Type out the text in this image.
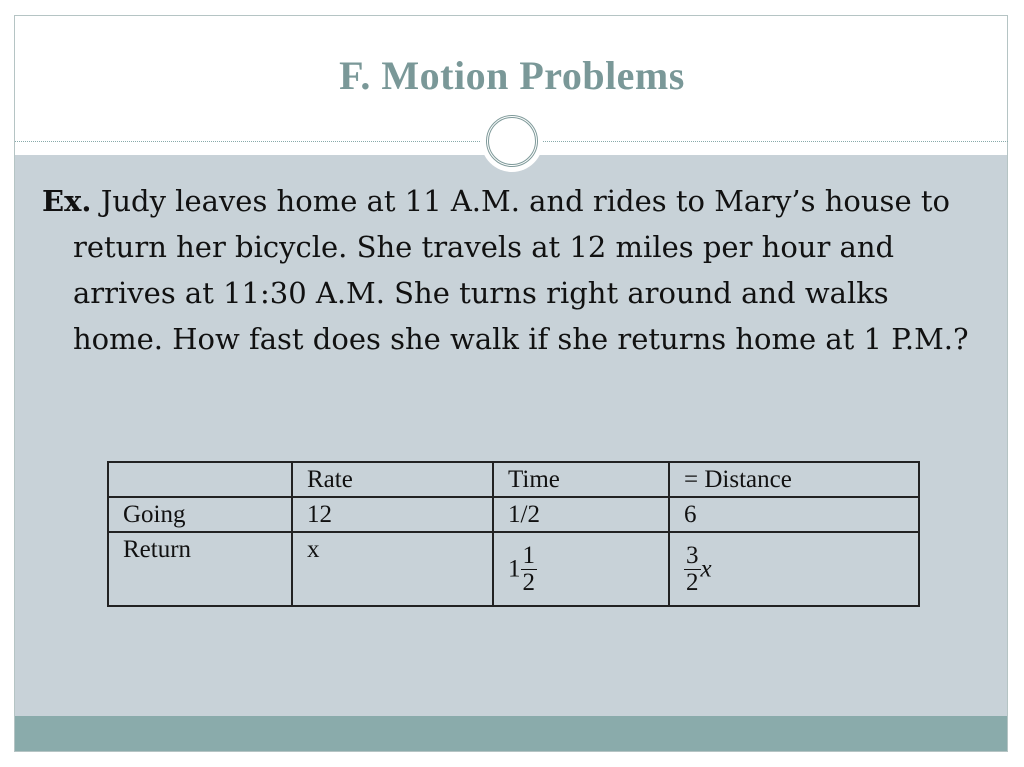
F. Motion Problems
Ex. Judy leaves home at 11 A.M. and rides to Mary’s house to return her bicycle. She travels at 12 miles per hour and arrives at 11:30 A.M. She turns right around and walks home. How fast does she walk if she returns home at 1 P.M.?
	Rate	Time	= Distance
Going	12	1/2	6
Return	x	$1 \frac{1}{2}$	$\frac{3}{2}$ x
